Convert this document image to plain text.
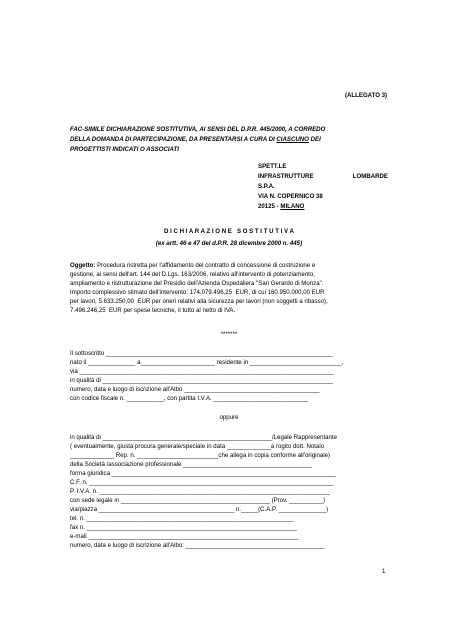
(ALLEGATO 3)
FAC-SIMILE DICHIARAZIONE SOSTITUTIVA, AI SENSI DEL D.P.R. 445/2000, A CORREDO
DELLA DOMANDA DI PARTECIPAZIONE, DA PRESENTARSI A CURA DI CIASCUNO DEI
PROGETTISTI INDICATI O ASSOCIATI
SPETT.LE
INFRASTRUTTURE	LOMBARDE
S.P.A.
VIA N. COPERNICO 38
20125 - MILANO
D I C H I A R A Z I O N E   S O S T I T U T I V A
(ex artt. 46 e 47 del d.P.R. 28 dicembre 2000 n. 445)
Oggetto: Procedura ristretta per l'affidamento del contratto di concessione di costruzione e
gestione, ai sensi dell'art. 144 del D.Lgs. 163/2006, relativo all'intervento di potenziamento,
ampliamento e ristrutturazione del Presidio dell'Azienda Ospedaliera "San Gerardo di Monza".
Importo complessivo stimato dell'intervento: 174.079.496,25  EUR, di cui 160.950.000,00 EUR
per lavori, 5.633.250,00  EUR per oneri relativi alla sicurezza per lavori (non soggetti a ribasso),
7.496.246,25  EUR per spese tecniche, il tutto al netto di IVA.
*******
Il sottoscritto ___________________________________________________________________
nato il ______________ a______________________ residente in ___________________________,
via ___________________________________________________________________________
in qualità di ____________________________________________________________________
numero, data e luogo di iscrizione all'Albo ________________________________________
con codice fiscale n. ___________, con partita I.V.A. ____________________________
oppure
in qualità di __________________________________________________/Legale Rappresentante
( eventualmente, giusta procura generale/speciale in data _____________a rogito dott. Notaio
_____________ Rep. n. ________________________che allega in copia conforme all'originale)
della Società /associazione professionale ______________________________________
forma giuridica __________________________________________________________________
C.F. n. ________________________________________________________________________
P. I.V.A. n. ____________________________________________________________________
con sede legale in ____________________________________________ (Prov. __________)
via/piazza ________________________________________ n._____(C.A.P. ______________)
tel. n. _____________________________________________________________
fax n. ______________________________________________________________
e-mail ______________________________________________________________
numero, data e luogo di iscrizione all'Albo: _________________________________________
1
